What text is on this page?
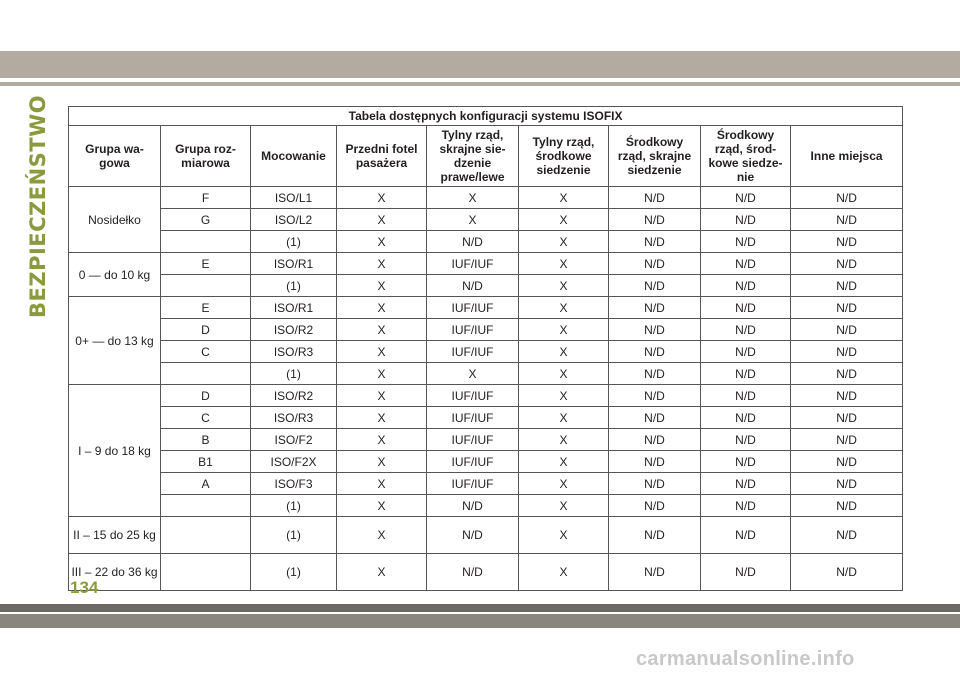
BEZPIECZEŃSTWO	Tabela dostępnych konfiguracji systemu ISOFIX								
Grupa wa-gowa	Grupa roz-miarowa	Mocowanie	Przedni fotel pasażera	Tylny rząd, skrajne sie-dzenie prawe/lewe	Tylny rząd, środkowe siedzenie	Środkowy rząd, skrajne siedzenie	Środkowy rząd, środ-kowe siedze-nie	Inne miejsca
Nosidełko	F	ISO/L1	X	X	X	N/D	N/D	N/D
	G	ISO/L2	X	X	X	N/D	N/D	N/D
		(1)	X	N/D	X	N/D	N/D	N/D
0 — do 10 kg	E	ISO/R1	X	IUF/IUF	X	N/D	N/D	N/D
		(1)	X	N/D	X	N/D	N/D	N/D
0+ — do 13 kg	E	ISO/R1	X	IUF/IUF	X	N/D	N/D	N/D
	D	ISO/R2	X	IUF/IUF	X	N/D	N/D	N/D
	C	ISO/R3	X	IUF/IUF	X	N/D	N/D	N/D
		(1)	X	X	X	N/D	N/D	N/D
I – 9 do 18 kg	D	ISO/R2	X	IUF/IUF	X	N/D	N/D	N/D
	C	ISO/R3	X	IUF/IUF	X	N/D	N/D	N/D
	B	ISO/F2	X	IUF/IUF	X	N/D	N/D	N/D
	B1	ISO/F2X	X	IUF/IUF	X	N/D	N/D	N/D
	A	ISO/F3	X	IUF/IUF	X	N/D	N/D	N/D
		(1)	X	N/D	X	N/D	N/D	N/D
II – 15 do 25 kg		(1)	X	N/D	X	N/D	N/D	N/D
III – 22 do 36 kg		(1)	X	N/D	X	N/D	N/D	N/D
134
carmanualsonline.info
